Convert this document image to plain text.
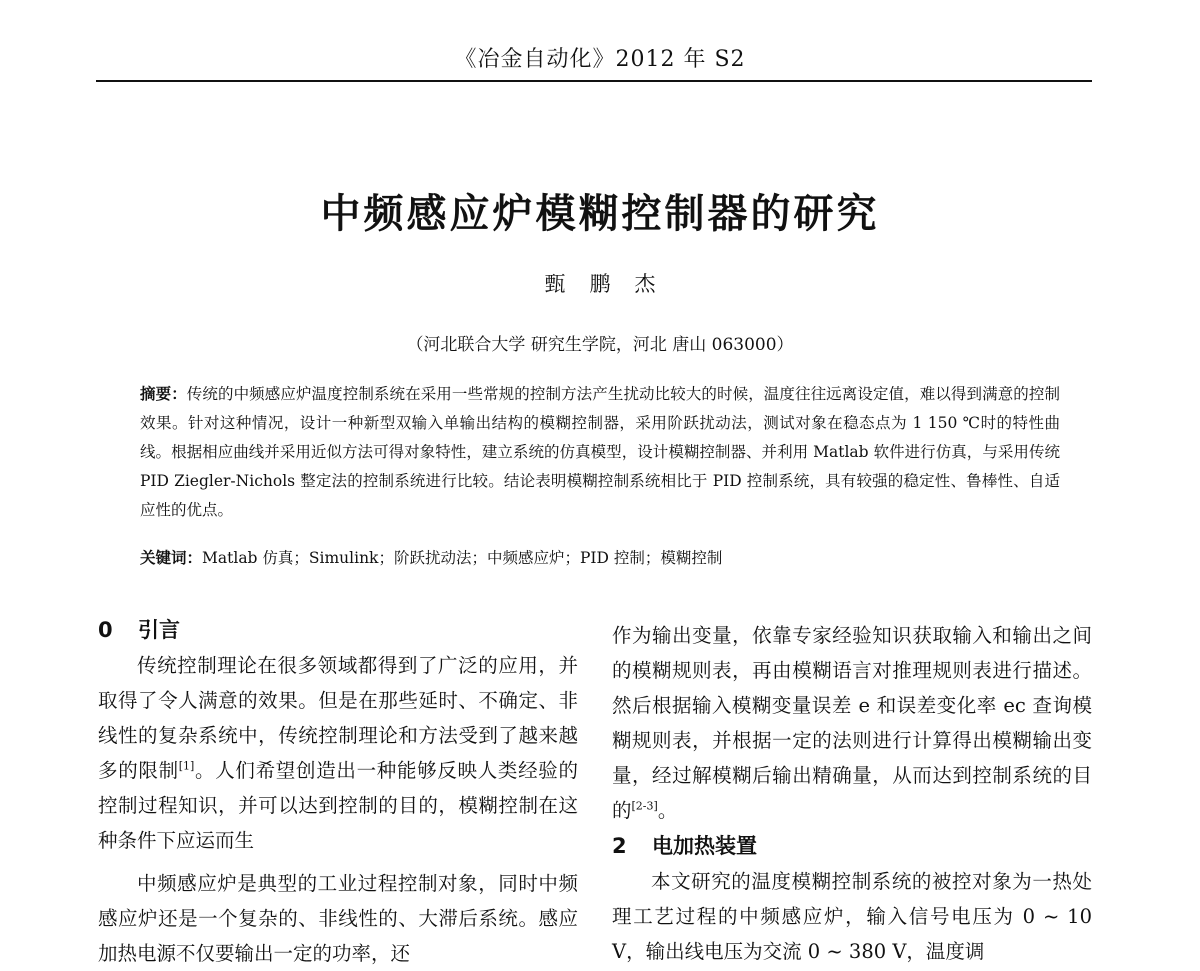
《冶金自动化》2012 年 S2
中频感应炉模糊控制器的研究
甄鹏杰
（河北联合大学 研究生学院，河北 唐山 063000）
摘要：传统的中频感应炉温度控制系统在采用一些常规的控制方法产生扰动比较大的时候，温度往往远离设定值，难以得到满意的控制效果。针对这种情况，设计一种新型双输入单输出结构的模糊控制器，采用阶跃扰动法，测试对象在稳态点为 1 150 ℃时的特性曲线。根据相应曲线并采用近似方法可得对象特性，建立系统的仿真模型，设计模糊控制器、并利用 Matlab 软件进行仿真，与采用传统 PID Ziegler-Nichols 整定法的控制系统进行比较。结论表明模糊控制系统相比于 PID 控制系统，具有较强的稳定性、鲁棒性、自适应性的优点。
关键词：Matlab 仿真；Simulink；阶跃扰动法；中频感应炉；PID 控制；模糊控制
0 引言

传统控制理论在很多领域都得到了广泛的应用，并取得了令人满意的效果。但是在那些延时、不确定、非线性的复杂系统中，传统控制理论和方法受到了越来越多的限制[1]。人们希望创造出一种能够反映人类经验的控制过程知识，并可以达到控制的目的，模糊控制在这种条件下应运而生

中频感应炉是典型的工业过程控制对象，同时中频感应炉还是一个复杂的、非线性的、大滞后系统。感应加热电源不仅要输出一定的功率，还

作为输出变量，依靠专家经验知识获取输入和输出之间的模糊规则表，再由模糊语言对推理规则表进行描述。然后根据输入模糊变量误差 e 和误差变化率 ec 查询模糊规则表，并根据一定的法则进行计算得出模糊输出变量，经过解模糊后输出精确量，从而达到控制系统的目的[2-3]。

2 电加热装置

本文研究的温度模糊控制系统的被控对象为一热处理工艺过程的中频感应炉，输入信号电压为 0 ~ 10 V，输出线电压为交流 0 ~ 380 V，温度调
